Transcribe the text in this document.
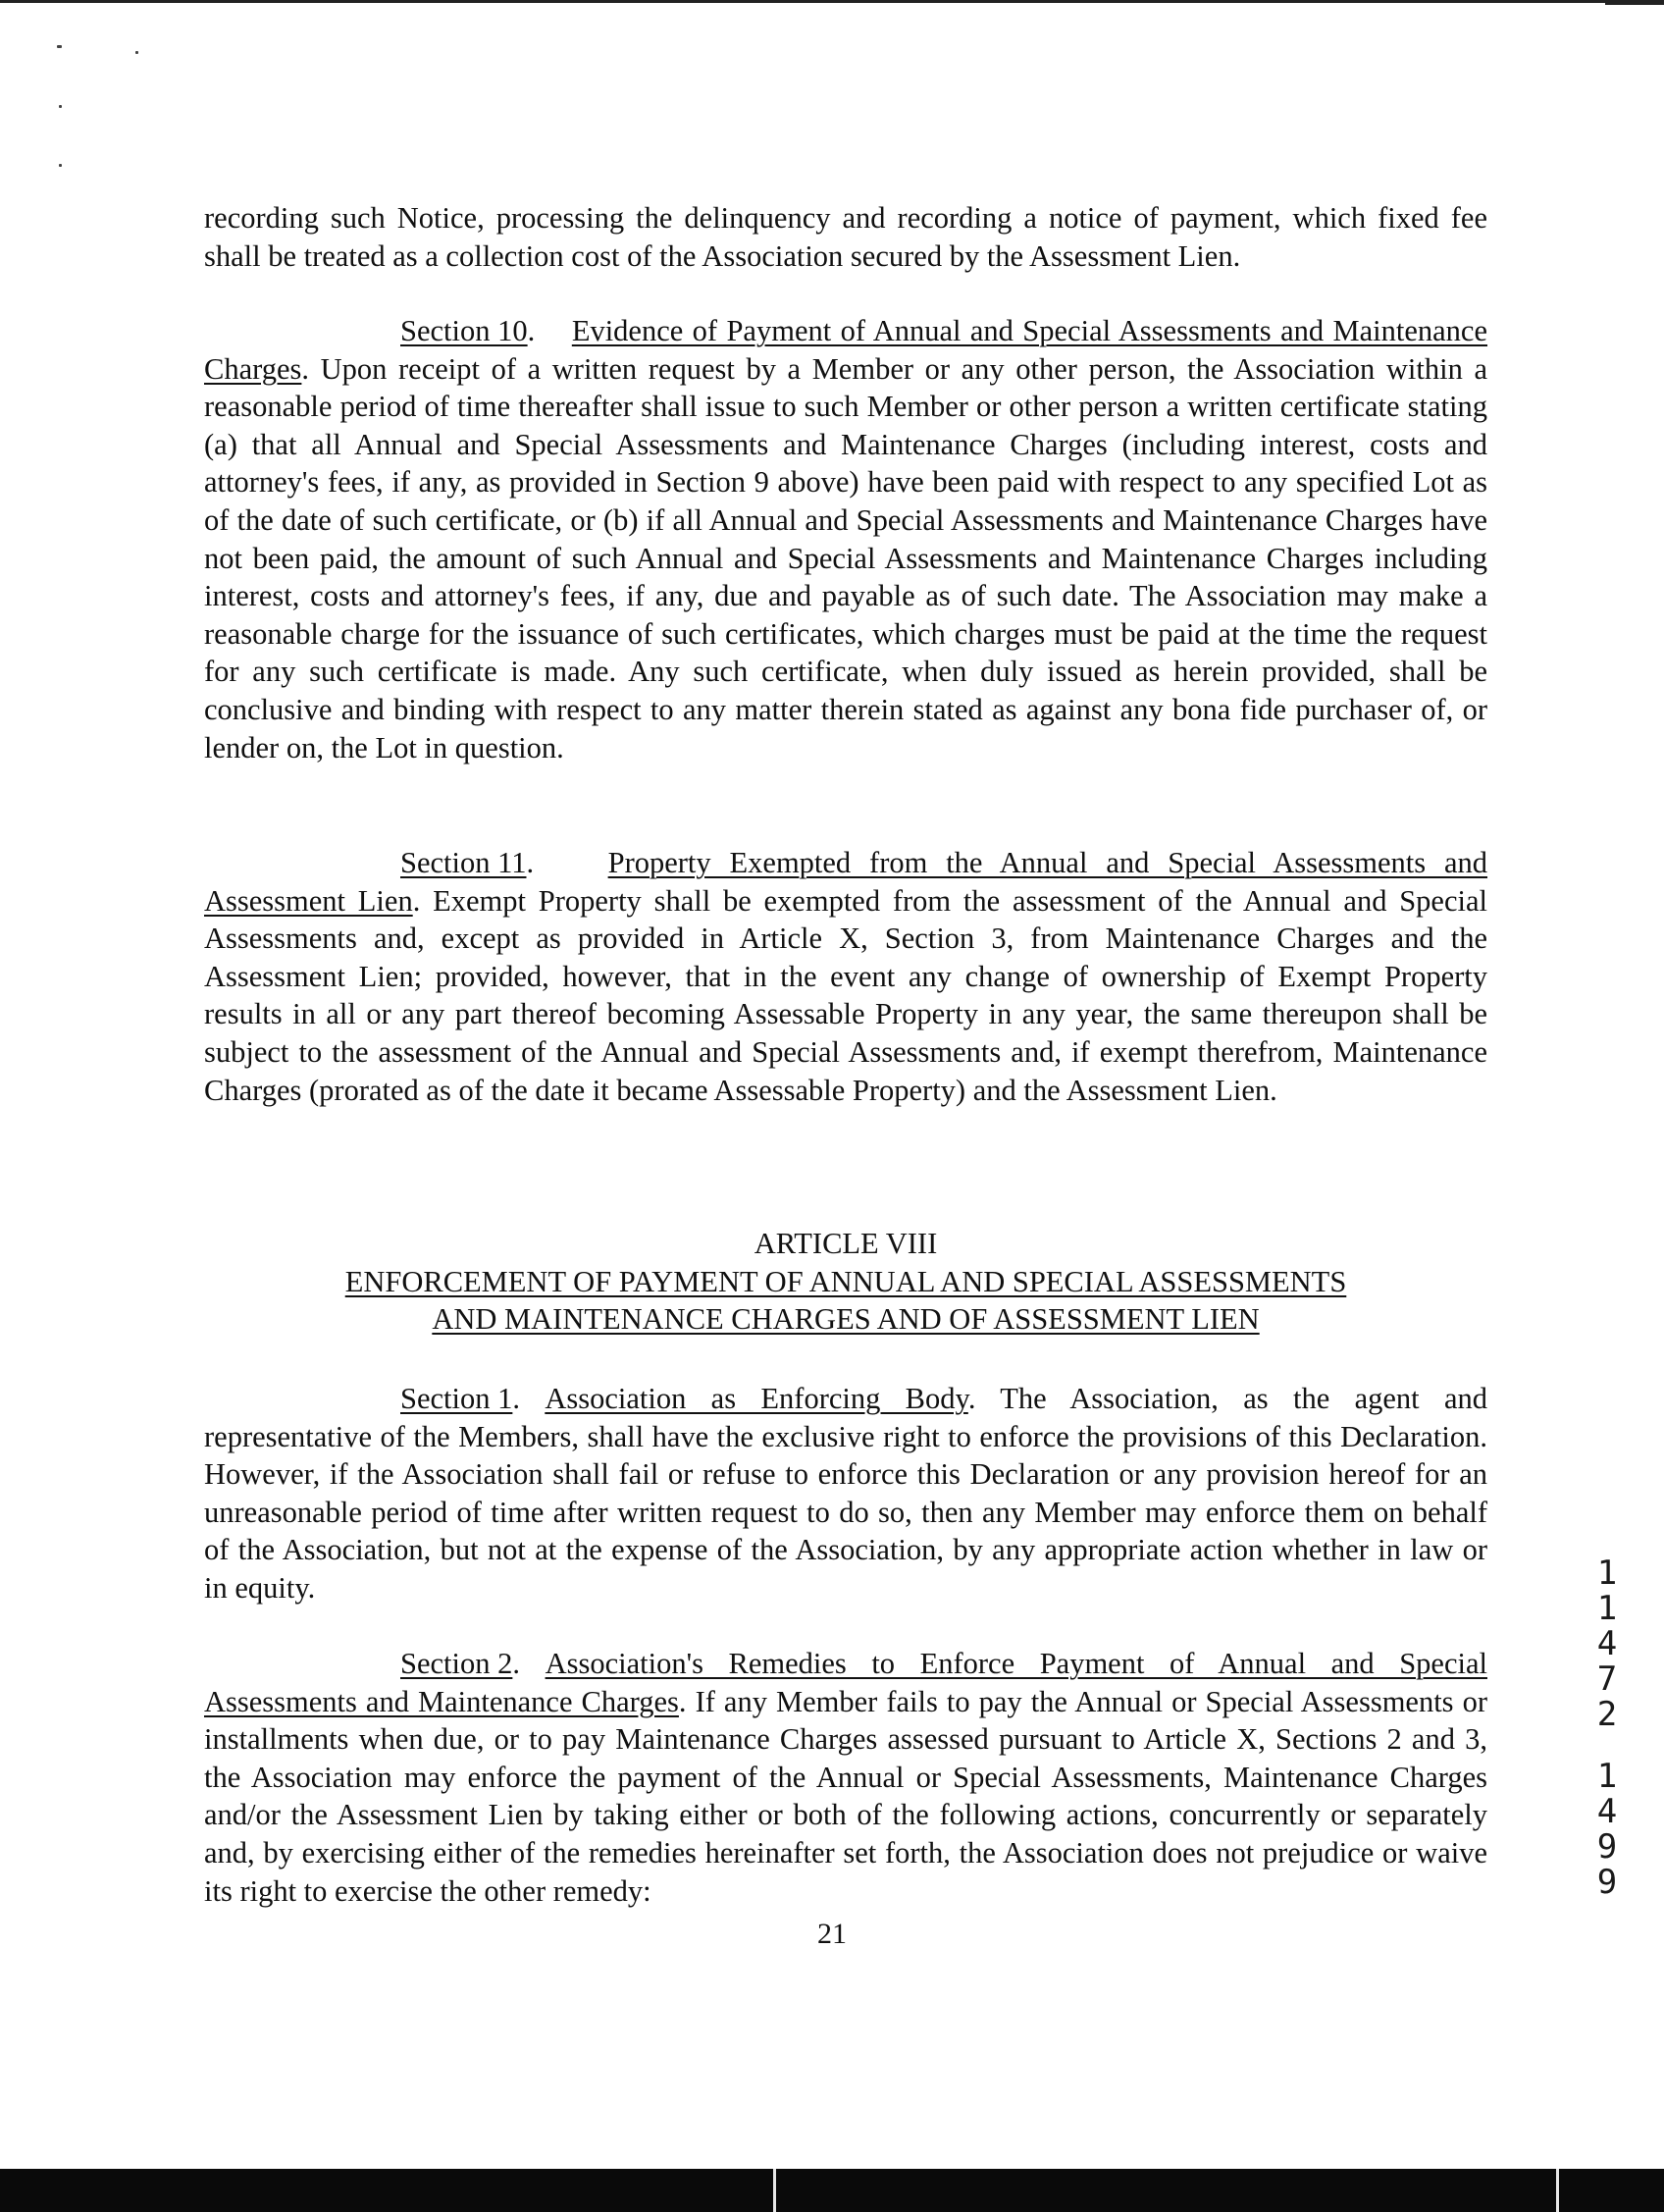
recording such Notice, processing the delinquency and recording a notice of payment, which fixed fee shall be treated as a collection cost of the Association secured by the Assessment Lien.

Section 10. Evidence of Payment of Annual and Special Assessments and Maintenance Charges. Upon receipt of a written request by a Member or any other person, the Association within a reasonable period of time thereafter shall issue to such Member or other person a written certificate stating (a) that all Annual and Special Assessments and Maintenance Charges (including interest, costs and attorney's fees, if any, as provided in Section 9 above) have been paid with respect to any specified Lot as of the date of such certificate, or (b) if all Annual and Special Assessments and Maintenance Charges have not been paid, the amount of such Annual and Special Assessments and Maintenance Charges including interest, costs and attorney's fees, if any, due and payable as of such date. The Association may make a reasonable charge for the issuance of such certificates, which charges must be paid at the time the request for any such certificate is made. Any such certificate, when duly issued as herein provided, shall be conclusive and binding with respect to any matter therein stated as against any bona fide purchaser of, or lender on, the Lot in question.

Section 11. Property Exempted from the Annual and Special Assessments and Assessment Lien. Exempt Property shall be exempted from the assessment of the Annual and Special Assessments and, except as provided in Article X, Section 3, from Maintenance Charges and the Assessment Lien; provided, however, that in the event any change of ownership of Exempt Property results in all or any part thereof becoming Assessable Property in any year, the same thereupon shall be subject to the assessment of the Annual and Special Assessments and, if exempt therefrom, Maintenance Charges (prorated as of the date it became Assessable Property) and the Assessment Lien.

ARTICLE VIII
ENFORCEMENT OF PAYMENT OF ANNUAL AND SPECIAL ASSESSMENTS
AND MAINTENANCE CHARGES AND OF ASSESSMENT LIEN

Section 1. Association as Enforcing Body. The Association, as the agent and representative of the Members, shall have the exclusive right to enforce the provisions of this Declaration. However, if the Association shall fail or refuse to enforce this Declaration or any provision hereof for an unreasonable period of time after written request to do so, then any Member may enforce them on behalf of the Association, but not at the expense of the Association, by any appropriate action whether in law or in equity.

Section 2. Association's Remedies to Enforce Payment of Annual and Special Assessments and Maintenance Charges. If any Member fails to pay the Annual or Special Assessments or installments when due, or to pay Maintenance Charges assessed pursuant to Article X, Sections 2 and 3, the Association may enforce the payment of the Annual or Special Assessments, Maintenance Charges and/or the Assessment Lien by taking either or both of the following actions, concurrently or separately and, by exercising either of the remedies hereinafter set forth, the Association does not prejudice or waive its right to exercise the other remedy:

21
1
1
4
7
2
1
4
9
9
